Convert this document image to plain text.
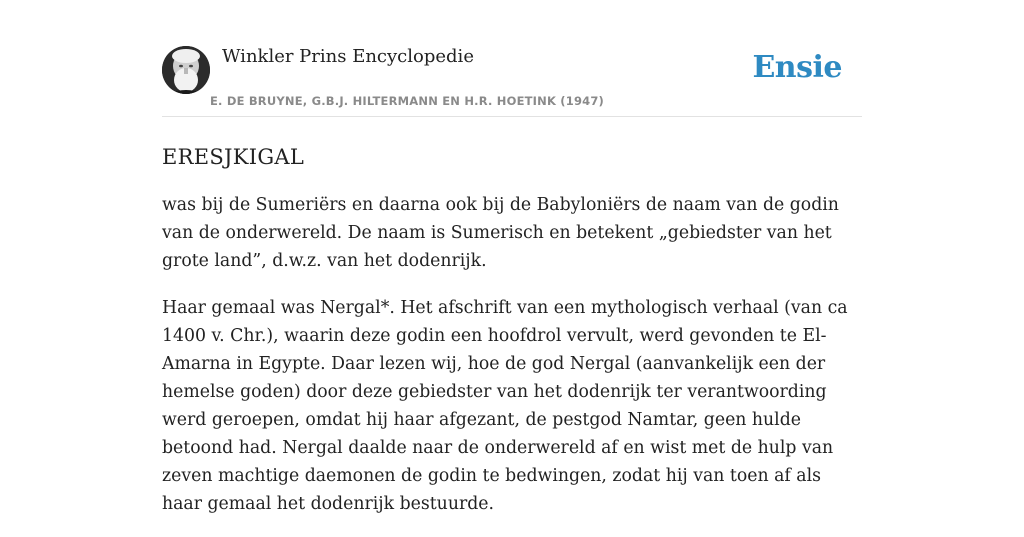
Winkler Prins Encyclopedie
E. DE BRUYNE, G.B.J. HILTERMANN EN H.R. HOETINK (1947)
Ensie
ERESJKIGAL

was bij de Sumeriërs en daarna ook bij de Babyloniërs de naam van de godin van de onderwereld. De naam is Sumerisch en betekent „gebiedster van het grote land”, d.w.z. van het dodenrijk.

Haar gemaal was Nergal*. Het afschrift van een mythologisch verhaal (van ca 1400 v. Chr.), waarin deze godin een hoofdrol vervult, werd gevonden te El-Amarna in Egypte. Daar lezen wij, hoe de god Nergal (aanvankelijk een der hemelse goden) door deze gebiedster van het dodenrijk ter verantwoording werd geroepen, omdat hij haar afgezant, de pestgod Namtar, geen hulde betoond had. Nergal daalde naar de onderwereld af en wist met de hulp van zeven machtige daemonen de godin te bedwingen, zodat hij van toen af als haar gemaal het dodenrijk bestuurde.
